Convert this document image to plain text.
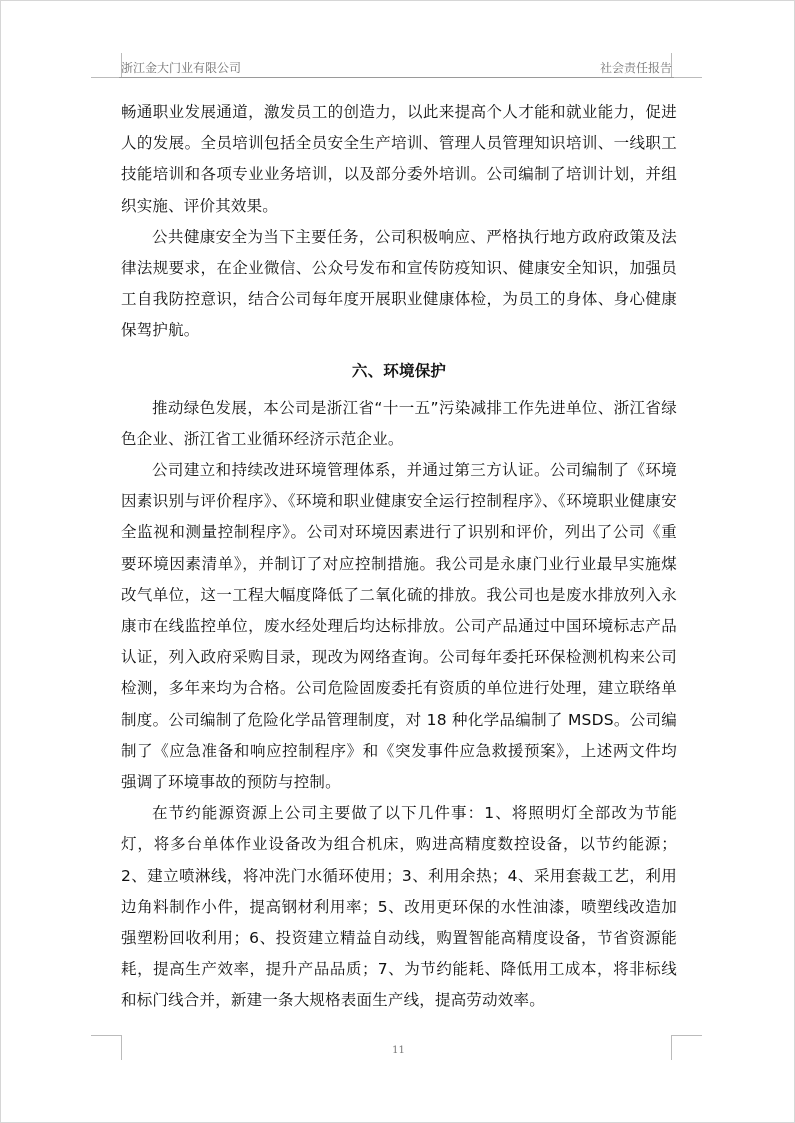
浙江金大门业有限公司	社会责任报告

畅通职业发展通道，激发员工的创造力，以此来提高个人才能和就业能力，促进人的发展。全员培训包括全员安全生产培训、管理人员管理知识培训、一线职工技能培训和各项专业业务培训，以及部分委外培训。公司编制了培训计划，并组织实施、评价其效果。

公共健康安全为当下主要任务，公司积极响应、严格执行地方政府政策及法律法规要求，在企业微信、公众号发布和宣传防疫知识、健康安全知识，加强员工自我防控意识，结合公司每年度开展职业健康体检，为员工的身体、身心健康保驾护航。

六、环境保护

推动绿色发展，本公司是浙江省“十一五”污染减排工作先进单位、浙江省绿色企业、浙江省工业循环经济示范企业。

公司建立和持续改进环境管理体系，并通过第三方认证。公司编制了《环境因素识别与评价程序》、《环境和职业健康安全运行控制程序》、《环境职业健康安全监视和测量控制程序》。公司对环境因素进行了识别和评价，列出了公司《重要环境因素清单》，并制订了对应控制措施。我公司是永康门业行业最早实施煤改气单位，这一工程大幅度降低了二氧化硫的排放。我公司也是废水排放列入永康市在线监控单位，废水经处理后均达标排放。公司产品通过中国环境标志产品认证，列入政府采购目录，现改为网络查询。公司每年委托环保检测机构来公司检测，多年来均为合格。公司危险固废委托有资质的单位进行处理，建立联络单制度。公司编制了危险化学品管理制度，对 18 种化学品编制了 MSDS。公司编制了《应急准备和响应控制程序》和《突发事件应急救援预案》，上述两文件均强调了环境事故的预防与控制。

在节约能源资源上公司主要做了以下几件事：1、将照明灯全部改为节能灯，将多台单体作业设备改为组合机床，购进高精度数控设备，以节约能源；2、建立喷淋线，将冲洗门水循环使用；3、利用余热；4、采用套裁工艺，利用边角料制作小件，提高钢材利用率；5、改用更环保的水性油漆，喷塑线改造加强塑粉回收利用；6、投资建立精益自动线，购置智能高精度设备，节省资源能耗，提高生产效率，提升产品品质；7、为节约能耗、降低用工成本，将非标线和标门线合并，新建一条大规格表面生产线，提高劳动效率。

11
